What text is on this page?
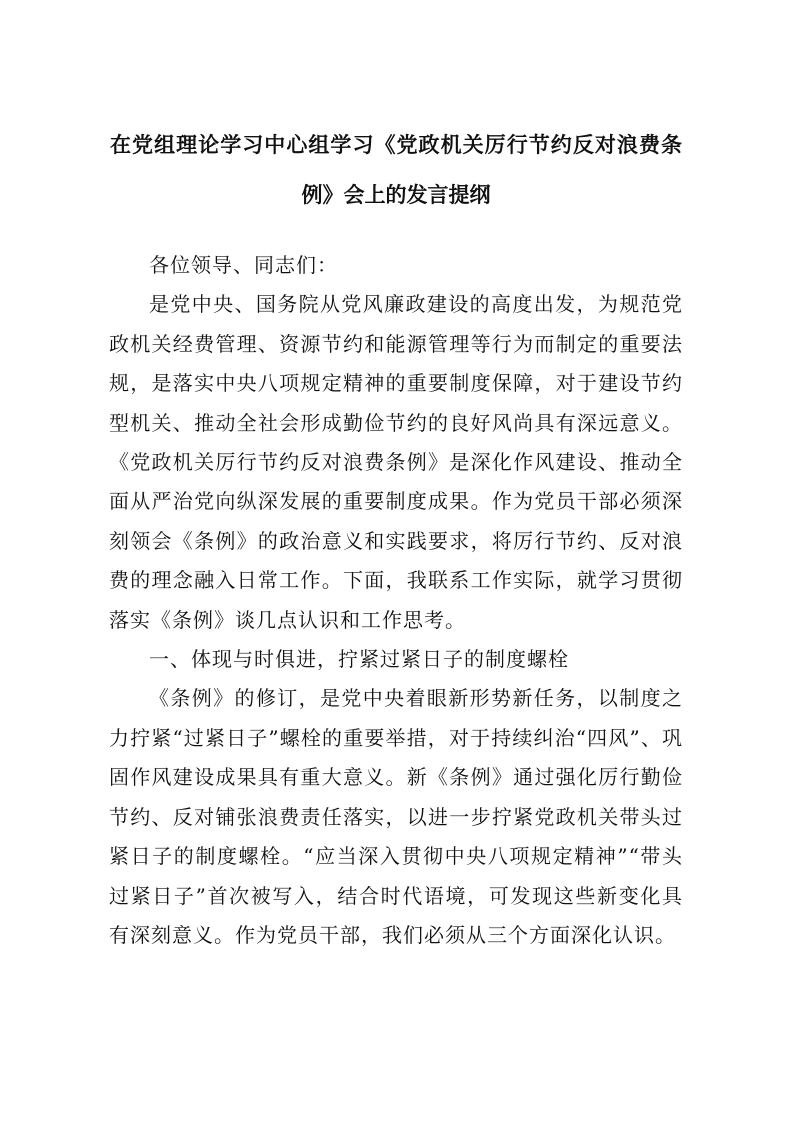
在党组理论学习中心组学习《党政机关厉行节约反对浪费条
例》会上的发言提纲

各位领导、同志们：

是党中央、国务院从党风廉政建设的高度出发，为规范党政机关经费管理、资源节约和能源管理等行为而制定的重要法规，是落实中央八项规定精神的重要制度保障，对于建设节约型机关、推动全社会形成勤俭节约的良好风尚具有深远意义。《党政机关厉行节约反对浪费条例》是深化作风建设、推动全面从严治党向纵深发展的重要制度成果。作为党员干部必须深刻领会《条例》的政治意义和实践要求，将厉行节约、反对浪费的理念融入日常工作。下面，我联系工作实际，就学习贯彻落实《条例》谈几点认识和工作思考。

一、体现与时俱进，拧紧过紧日子的制度螺栓

《条例》的修订，是党中央着眼新形势新任务，以制度之力拧紧“过紧日子”螺栓的重要举措，对于持续纠治“四风”、巩固作风建设成果具有重大意义。新《条例》通过强化厉行勤俭节约、反对铺张浪费责任落实，以进一步拧紧党政机关带头过紧日子的制度螺栓。“应当深入贯彻中央八项规定精神”“带头过紧日子”首次被写入，结合时代语境，可发现这些新变化具有深刻意义。作为党员干部，我们必须从三个方面深化认识。
